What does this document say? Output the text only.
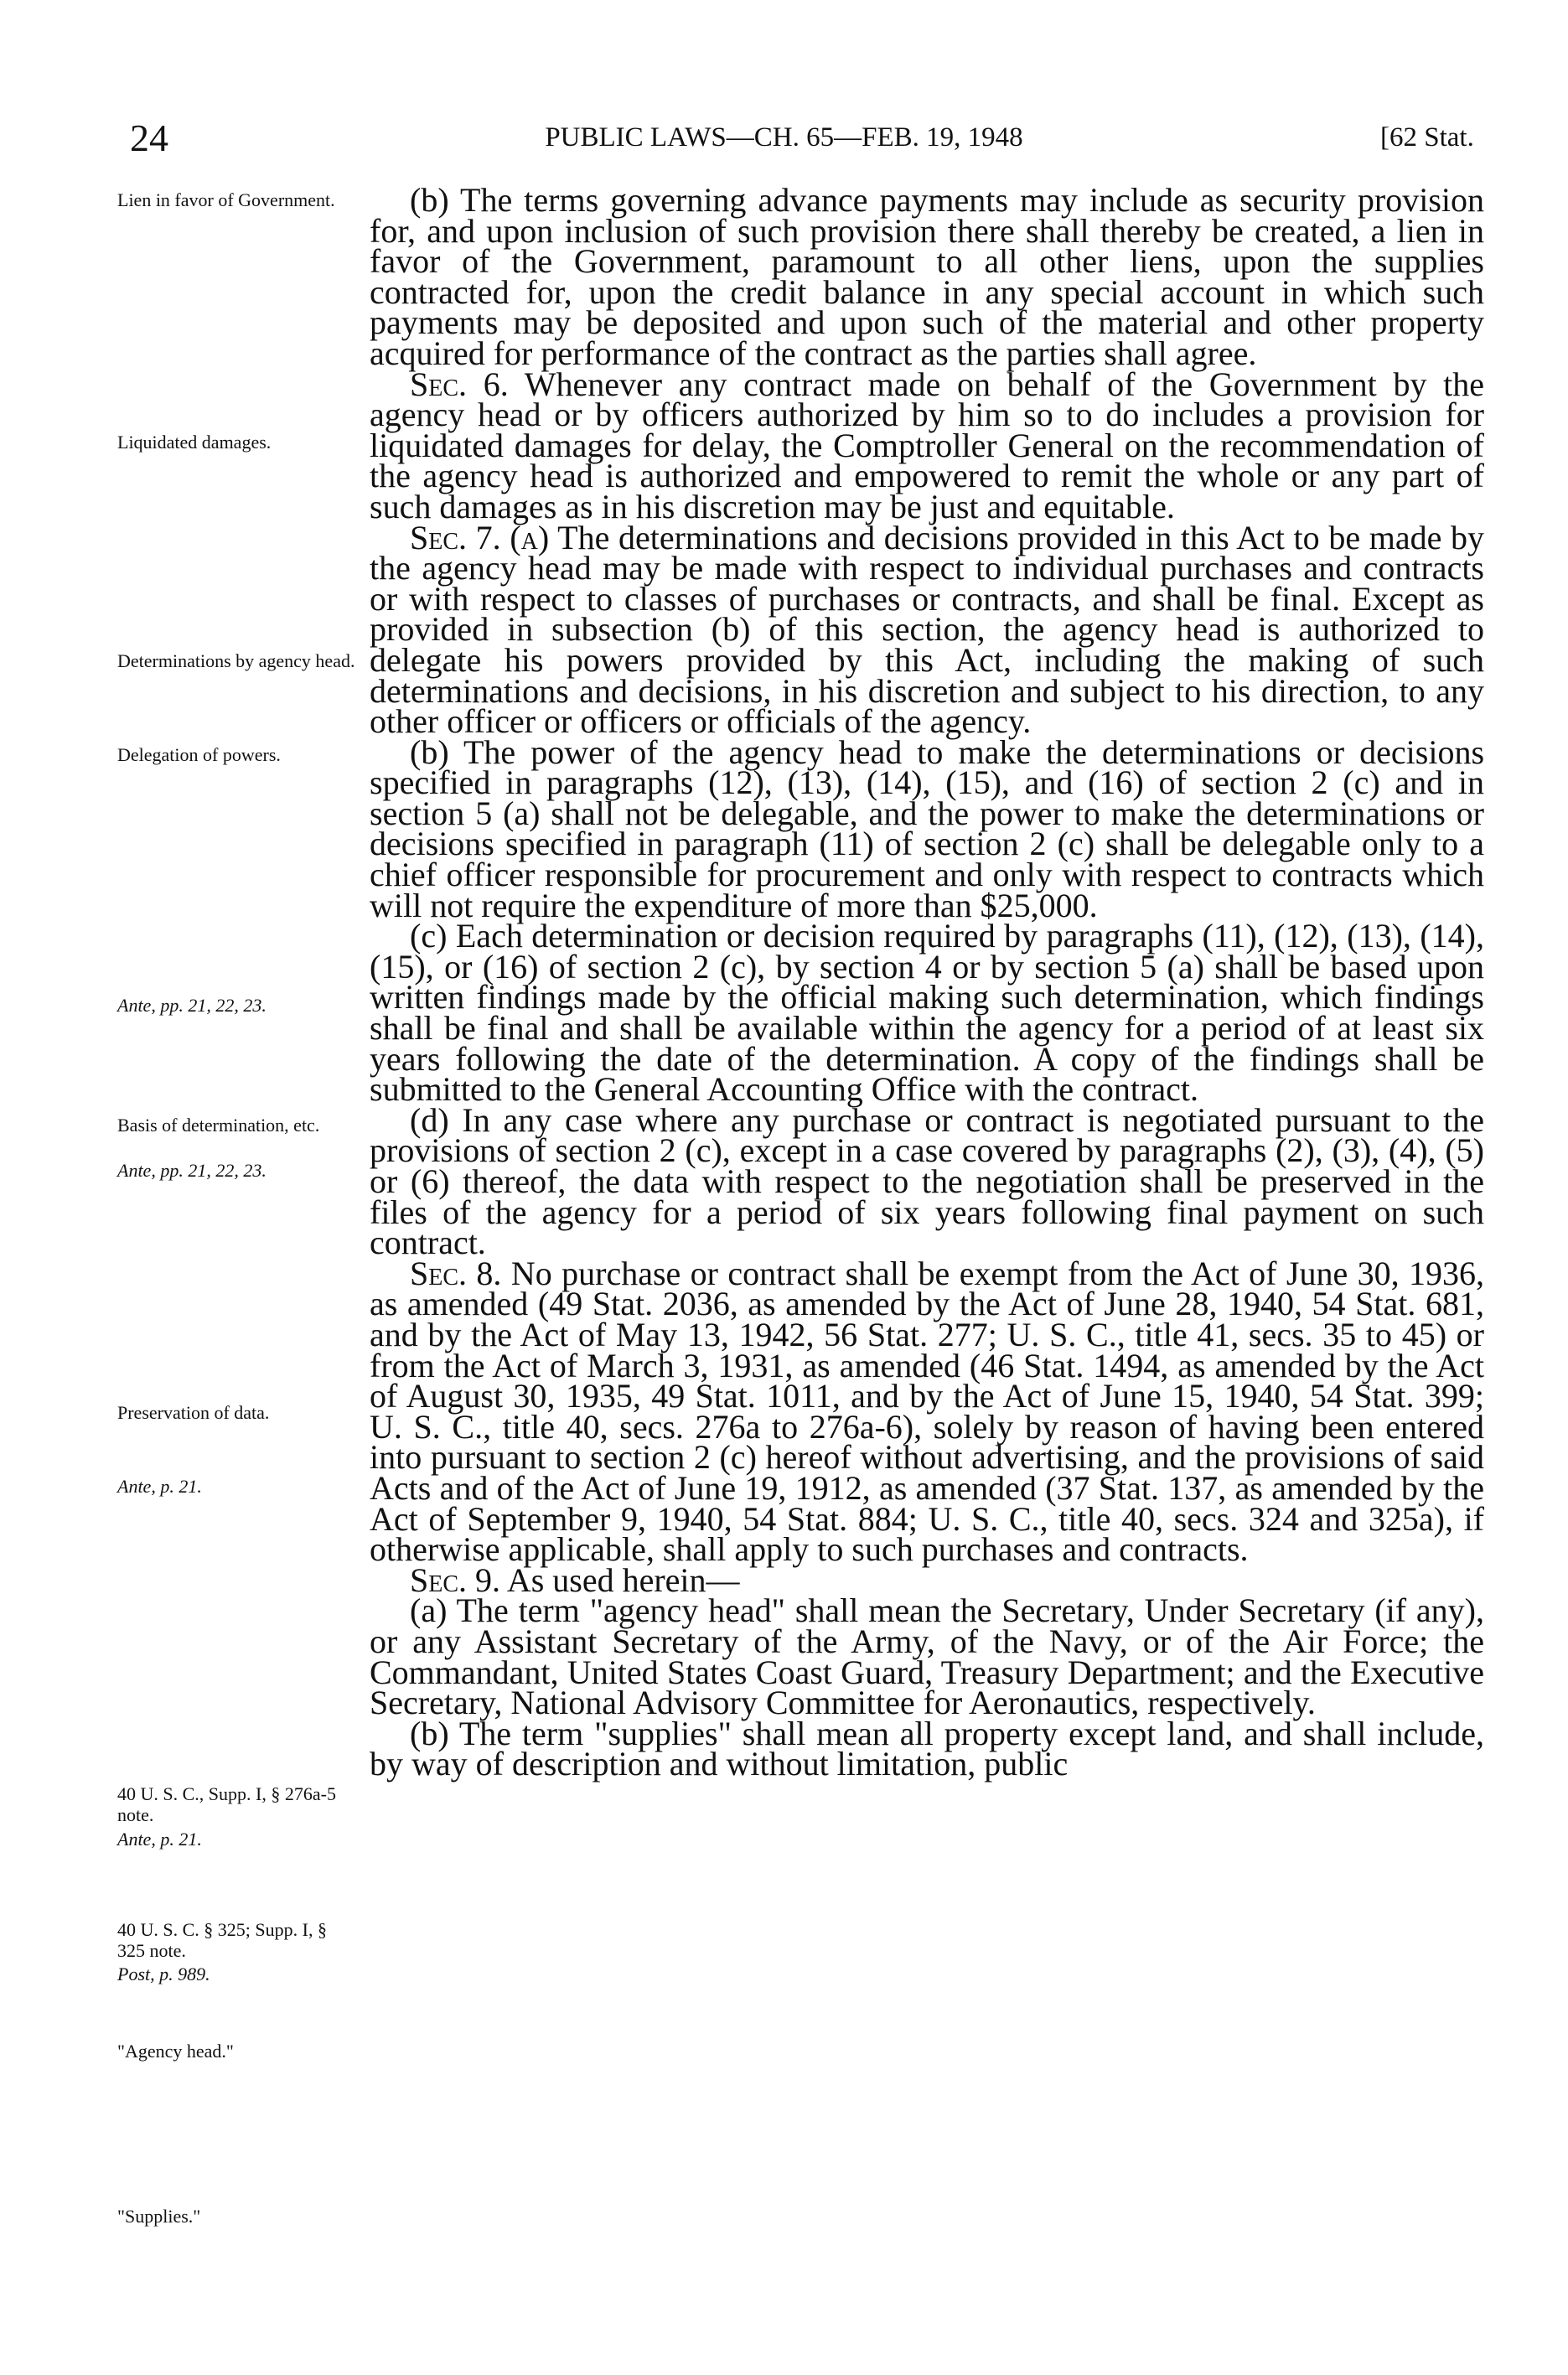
24	PUBLIC LAWS—CH. 65—FEB. 19, 1948	[62 Stat.
Lien in favor of Government.
Liquidated damages.
Determinations by agency head.
Delegation of powers.
Ante, pp. 21, 22, 23.
Basis of determination, etc.
Ante, pp. 21, 22, 23.
Preservation of data.
Ante, p. 21.
40 U. S. C., Supp. I, § 276a-5 note.
Ante, p. 21.
40 U. S. C. § 325; Supp. I, § 325 note.
Post, p. 989.
"Agency head."
"Supplies."

(b) The terms governing advance payments may include as security provision for, and upon inclusion of such provision there shall thereby be created, a lien in favor of the Government, paramount to all other liens, upon the supplies contracted for, upon the credit balance in any special account in which such payments may be deposited and upon such of the material and other property acquired for performance of the contract as the parties shall agree.

Sec. 6. Whenever any contract made on behalf of the Government by the agency head or by officers authorized by him so to do includes a provision for liquidated damages for delay, the Comptroller General on the recommendation of the agency head is authorized and empowered to remit the whole or any part of such damages as in his discretion may be just and equitable.

Sec. 7. (a) The determinations and decisions provided in this Act to be made by the agency head may be made with respect to individual purchases and contracts or with respect to classes of purchases or contracts, and shall be final. Except as provided in subsection (b) of this section, the agency head is authorized to delegate his powers provided by this Act, including the making of such determinations and decisions, in his discretion and subject to his direction, to any other officer or officers or officials of the agency.

(b) The power of the agency head to make the determinations or decisions specified in paragraphs (12), (13), (14), (15), and (16) of section 2 (c) and in section 5 (a) shall not be delegable, and the power to make the determinations or decisions specified in paragraph (11) of section 2 (c) shall be delegable only to a chief officer responsible for procurement and only with respect to contracts which will not require the expenditure of more than $25,000.

(c) Each determination or decision required by paragraphs (11), (12), (13), (14), (15), or (16) of section 2 (c), by section 4 or by section 5 (a) shall be based upon written findings made by the official making such determination, which findings shall be final and shall be available within the agency for a period of at least six years following the date of the determination. A copy of the findings shall be submitted to the General Accounting Office with the contract.

(d) In any case where any purchase or contract is negotiated pursuant to the provisions of section 2 (c), except in a case covered by paragraphs (2), (3), (4), (5) or (6) thereof, the data with respect to the negotiation shall be preserved in the files of the agency for a period of six years following final payment on such contract.

Sec. 8. No purchase or contract shall be exempt from the Act of June 30, 1936, as amended (49 Stat. 2036, as amended by the Act of June 28, 1940, 54 Stat. 681, and by the Act of May 13, 1942, 56 Stat. 277; U. S. C., title 41, secs. 35 to 45) or from the Act of March 3, 1931, as amended (46 Stat. 1494, as amended by the Act of August 30, 1935, 49 Stat. 1011, and by the Act of June 15, 1940, 54 Stat. 399; U. S. C., title 40, secs. 276a to 276a-6), solely by reason of having been entered into pursuant to section 2 (c) hereof without advertising, and the provisions of said Acts and of the Act of June 19, 1912, as amended (37 Stat. 137, as amended by the Act of September 9, 1940, 54 Stat. 884; U. S. C., title 40, secs. 324 and 325a), if otherwise applicable, shall apply to such purchases and contracts.

Sec. 9. As used herein—

(a) The term "agency head" shall mean the Secretary, Under Secretary (if any), or any Assistant Secretary of the Army, of the Navy, or of the Air Force; the Commandant, United States Coast Guard, Treasury Department; and the Executive Secretary, National Advisory Committee for Aeronautics, respectively.

(b) The term "supplies" shall mean all property except land, and shall include, by way of description and without limitation, public
